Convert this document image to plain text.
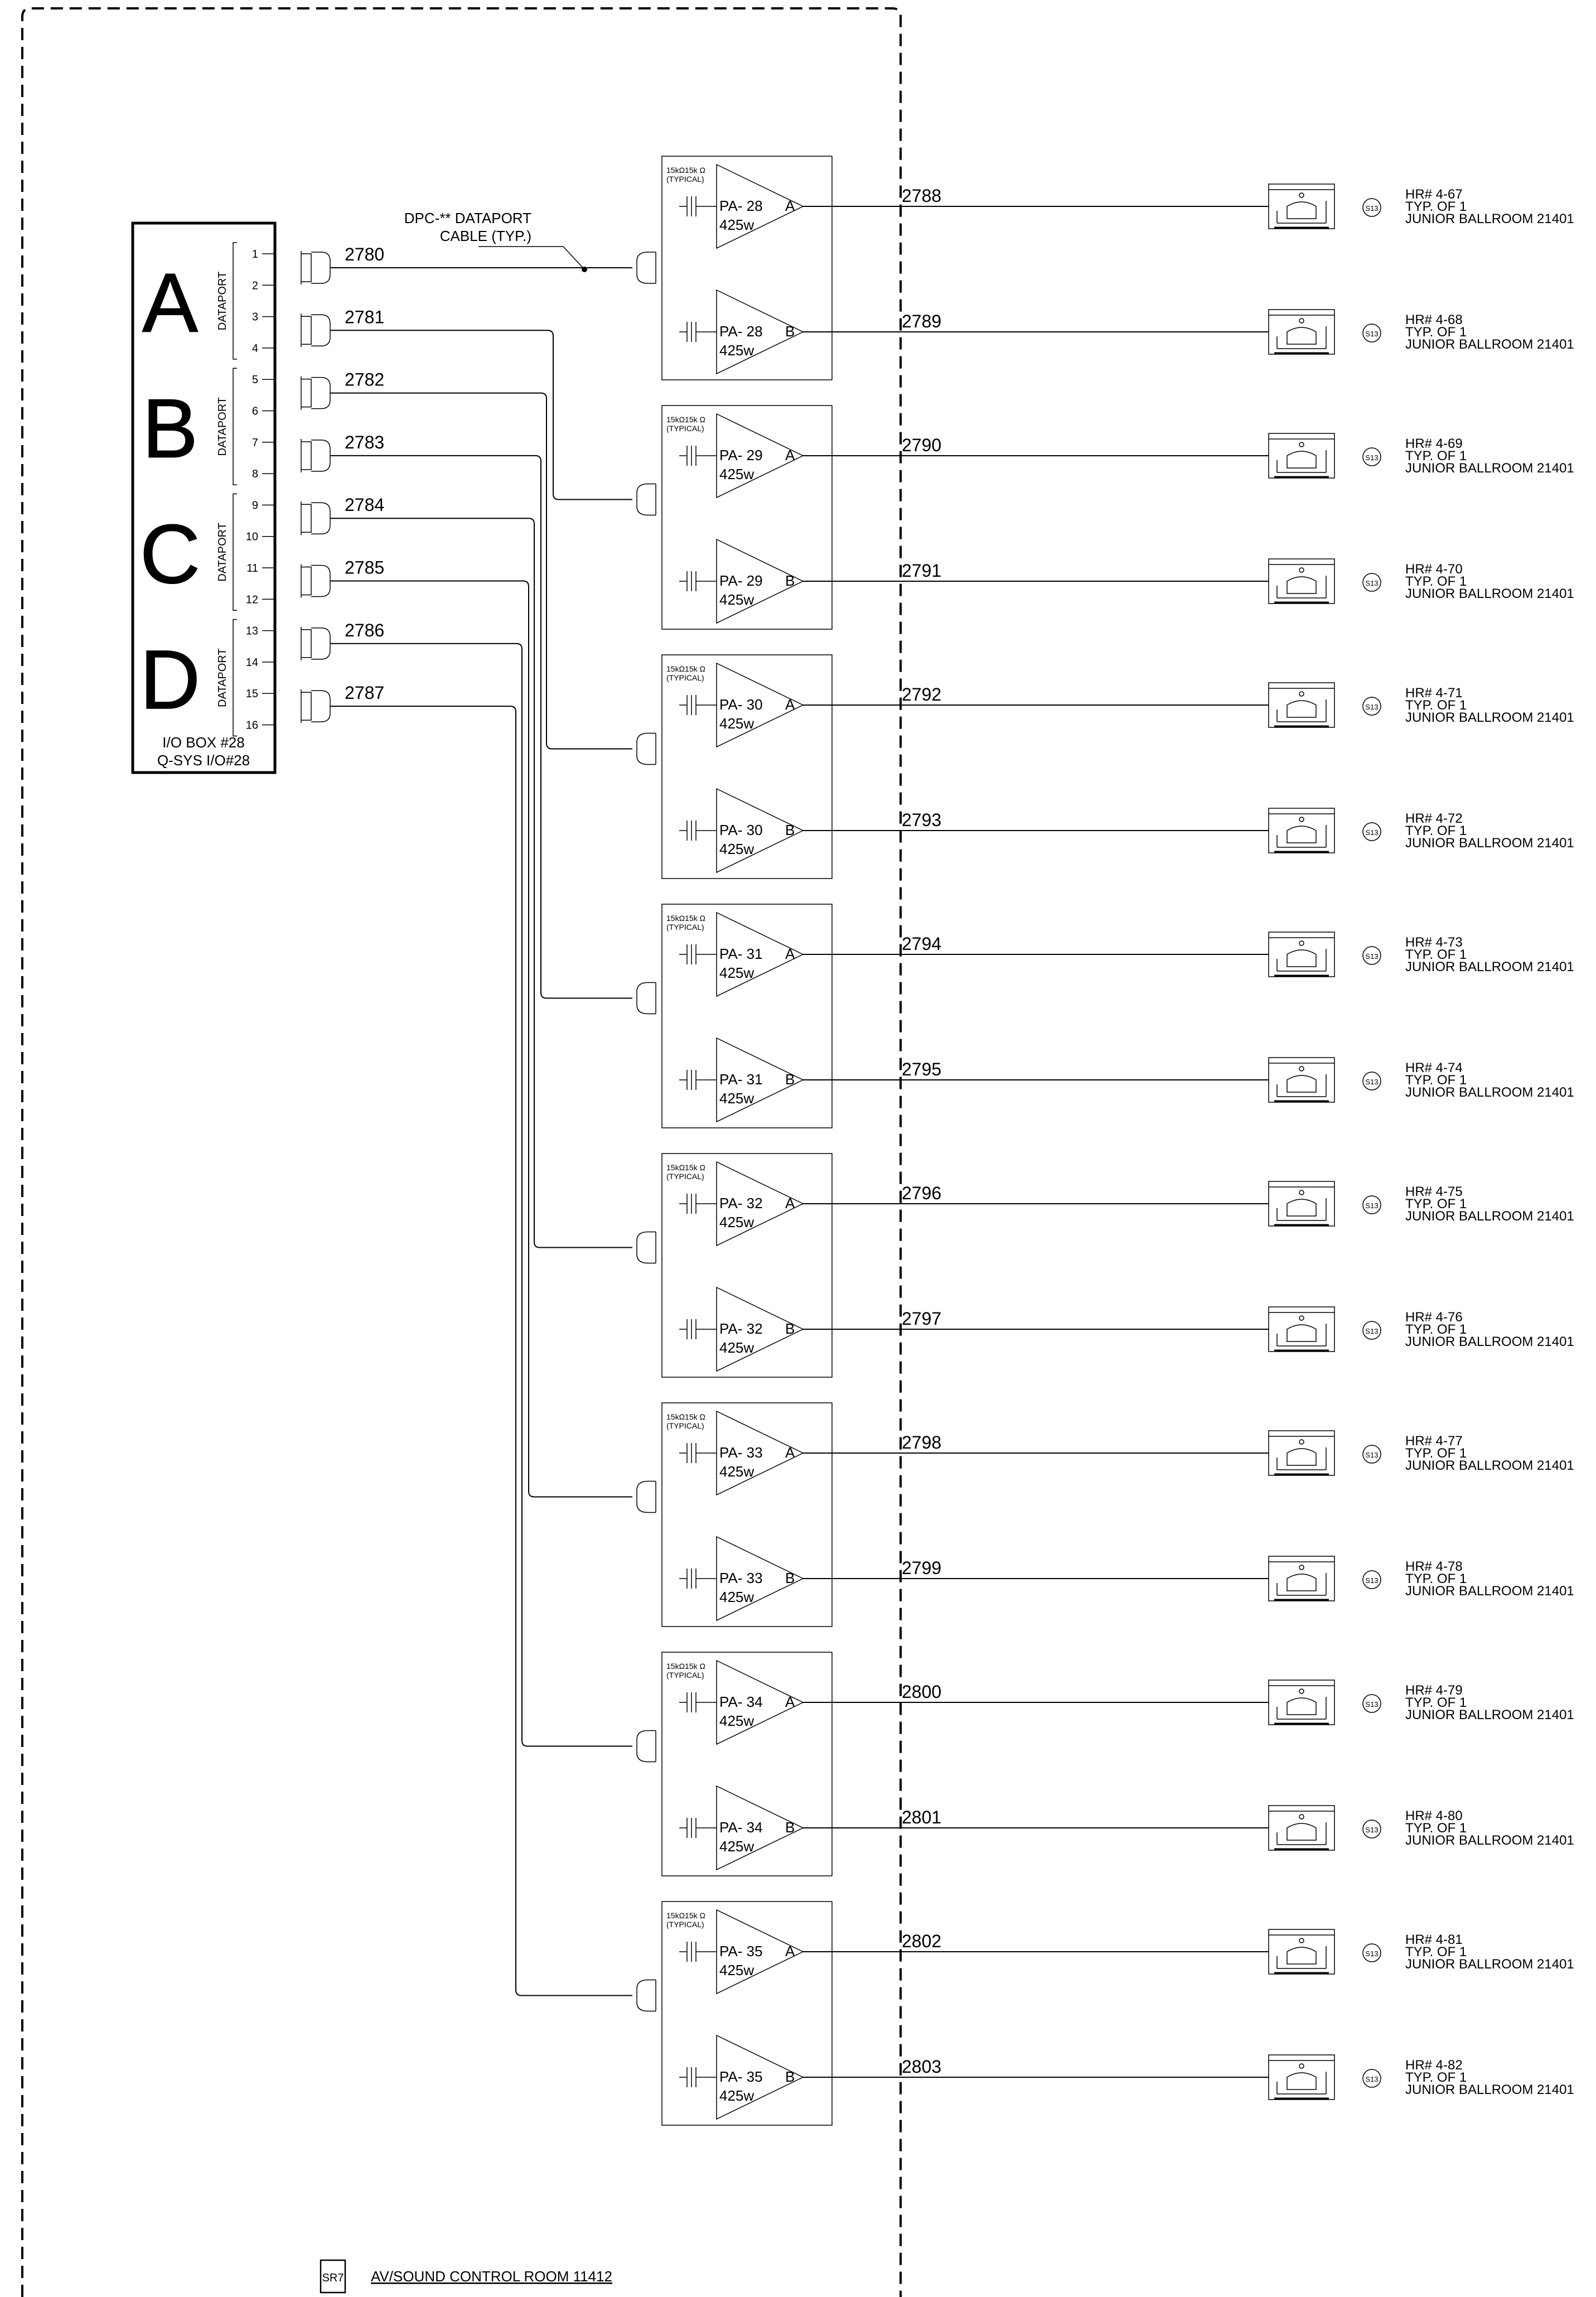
A DATAPORT
B DATAPORT
C DATAPORT
D DATAPORT
1
2
3
4
5
6
7
8
9
10
11
12
13
14
15
16
I/O BOX #28
Q-SYS I/O#28
DPC-** DATAPORT
CABLE (TYP.)
2780
2781
2782
2783
2784
2785
2786
2787
15kΩ15k Ω
(TYPICAL)
PA- 28 A
425w
PA- 28 B
425w
15kΩ15k Ω
(TYPICAL)
PA- 29 A
425w
PA- 29 B
425w
15kΩ15k Ω
(TYPICAL)
PA- 30 A
425w
PA- 30 B
425w
15kΩ15k Ω
(TYPICAL)
PA- 31 A
425w
PA- 31 B
425w
15kΩ15k Ω
(TYPICAL)
PA- 32 A
425w
PA- 32 B
425w
15kΩ15k Ω
(TYPICAL)
PA- 33 A
425w
PA- 33 B
425w
15kΩ15k Ω
(TYPICAL)
PA- 34 A
425w
PA- 34 B
425w
15kΩ15k Ω
(TYPICAL)
PA- 35 A
425w
PA- 35 B
425w
2788
S13
HR# 4-67
TYP. OF 1
JUNIOR BALLROOM 21401
2789
S13
HR# 4-68
TYP. OF 1
JUNIOR BALLROOM 21401
2790
S13
HR# 4-69
TYP. OF 1
JUNIOR BALLROOM 21401
2791
S13
HR# 4-70
TYP. OF 1
JUNIOR BALLROOM 21401
2792
S13
HR# 4-71
TYP. OF 1
JUNIOR BALLROOM 21401
2793
S13
HR# 4-72
TYP. OF 1
JUNIOR BALLROOM 21401
2794
S13
HR# 4-73
TYP. OF 1
JUNIOR BALLROOM 21401
2795
S13
HR# 4-74
TYP. OF 1
JUNIOR BALLROOM 21401
2796
S13
HR# 4-75
TYP. OF 1
JUNIOR BALLROOM 21401
2797
S13
HR# 4-76
TYP. OF 1
JUNIOR BALLROOM 21401
2798
S13
HR# 4-77
TYP. OF 1
JUNIOR BALLROOM 21401
2799
S13
HR# 4-78
TYP. OF 1
JUNIOR BALLROOM 21401
2800
S13
HR# 4-79
TYP. OF 1
JUNIOR BALLROOM 21401
2801
S13
HR# 4-80
TYP. OF 1
JUNIOR BALLROOM 21401
2802
S13
HR# 4-81
TYP. OF 1
JUNIOR BALLROOM 21401
2803
S13
HR# 4-82
TYP. OF 1
JUNIOR BALLROOM 21401
SR7 AV/SOUND CONTROL ROOM 11412
